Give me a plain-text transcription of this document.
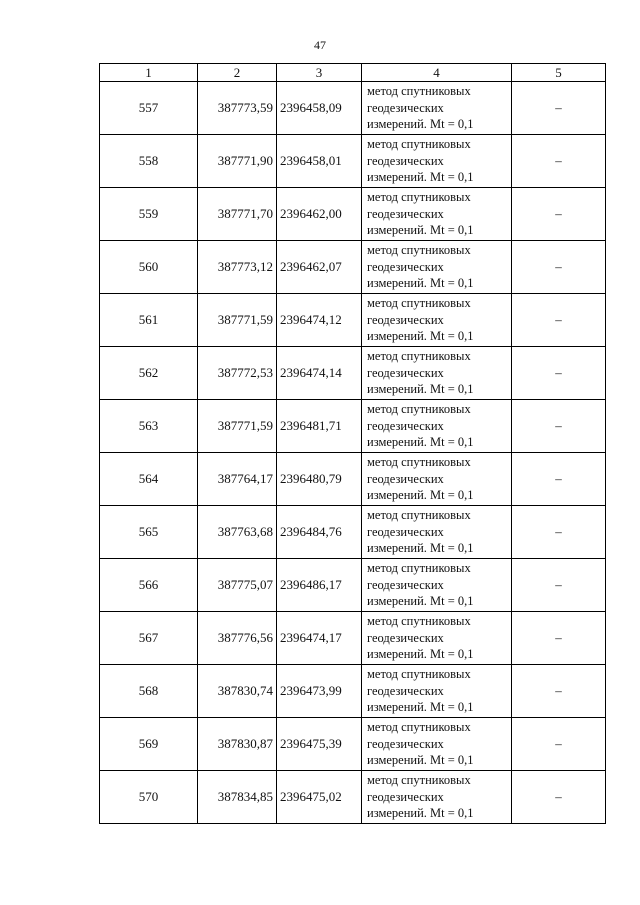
47
1	2	3	4	5
557	387773,59	2396458,09	метод спутниковых
геодезических
измерений. Mt = 0,1	–
558	387771,90	2396458,01	метод спутниковых
геодезических
измерений. Mt = 0,1	–
559	387771,70	2396462,00	метод спутниковых
геодезических
измерений. Mt = 0,1	–
560	387773,12	2396462,07	метод спутниковых
геодезических
измерений. Mt = 0,1	–
561	387771,59	2396474,12	метод спутниковых
геодезических
измерений. Mt = 0,1	–
562	387772,53	2396474,14	метод спутниковых
геодезических
измерений. Mt = 0,1	–
563	387771,59	2396481,71	метод спутниковых
геодезических
измерений. Mt = 0,1	–
564	387764,17	2396480,79	метод спутниковых
геодезических
измерений. Mt = 0,1	–
565	387763,68	2396484,76	метод спутниковых
геодезических
измерений. Mt = 0,1	–
566	387775,07	2396486,17	метод спутниковых
геодезических
измерений. Mt = 0,1	–
567	387776,56	2396474,17	метод спутниковых
геодезических
измерений. Mt = 0,1	–
568	387830,74	2396473,99	метод спутниковых
геодезических
измерений. Mt = 0,1	–
569	387830,87	2396475,39	метод спутниковых
геодезических
измерений. Mt = 0,1	–
570	387834,85	2396475,02	метод спутниковых
геодезических
измерений. Mt = 0,1	–
